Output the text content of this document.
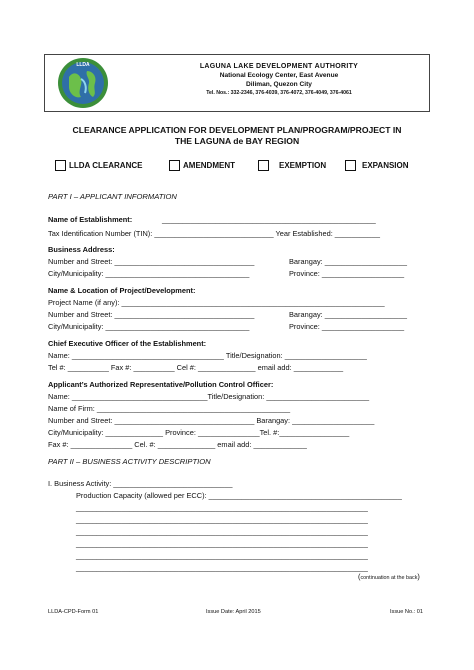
LLDA	LAGUNA LAKE DEVELOPMENT AUTHORITY
National Ecology Center, East Avenue
Diliman, Quezon City
Tel. Nos.: 332-2346, 376-4039, 376-4072, 376-4049, 376-4061
CLEARANCE APPLICATION FOR DEVELOPMENT PLAN/PROGRAM/PROJECT IN
THE LAGUNA de BAY REGION
LLDA CLEARANCE	AMENDMENT	EXEMPTION	EXPANSION
PART I – APPLICANT INFORMATION
Name of Establishment:	____________________________________________________
Tax Identification Number (TIN): _____________________________ Year Established: ___________
Business Address:
Number and Street: __________________________________	Barangay: ____________________
City/Municipality: ___________________________________	Province: ____________________
Name & Location of Project/Development:
Project Name (if any): ________________________________________________________________
Number and Street: __________________________________	Barangay: ____________________
City/Municipality: ___________________________________	Province: ____________________
Chief Executive Officer of the Establishment:
Name: _____________________________________ Title/Designation: ____________________
Tel #: __________ Fax #: __________ Cel #: ______________ email add: ____________
Applicant’s Authorized Representative/Pollution Control Officer:
Name: _________________________________Title/Designation: _________________________
Name of Firm: _______________________________________________
Number and Street: __________________________________ Barangay: ____________________
City/Municipality: ______________ Province: _______________Tel. #:_________________
Fax #: _______________ Cel. #: ______________ email add: _____________
PART II – BUSINESS ACTIVITY DESCRIPTION
I. Business Activity: _____________________________
Production Capacity (allowed per ECC): _______________________________________________
_______________________________________________________________________
_______________________________________________________________________
_______________________________________________________________________
_______________________________________________________________________
_______________________________________________________________________
_______________________________________________________________________
(continuation at the back)
LLDA-CPD-Form 01	Issue Date: April 2015	Issue No.: 01
